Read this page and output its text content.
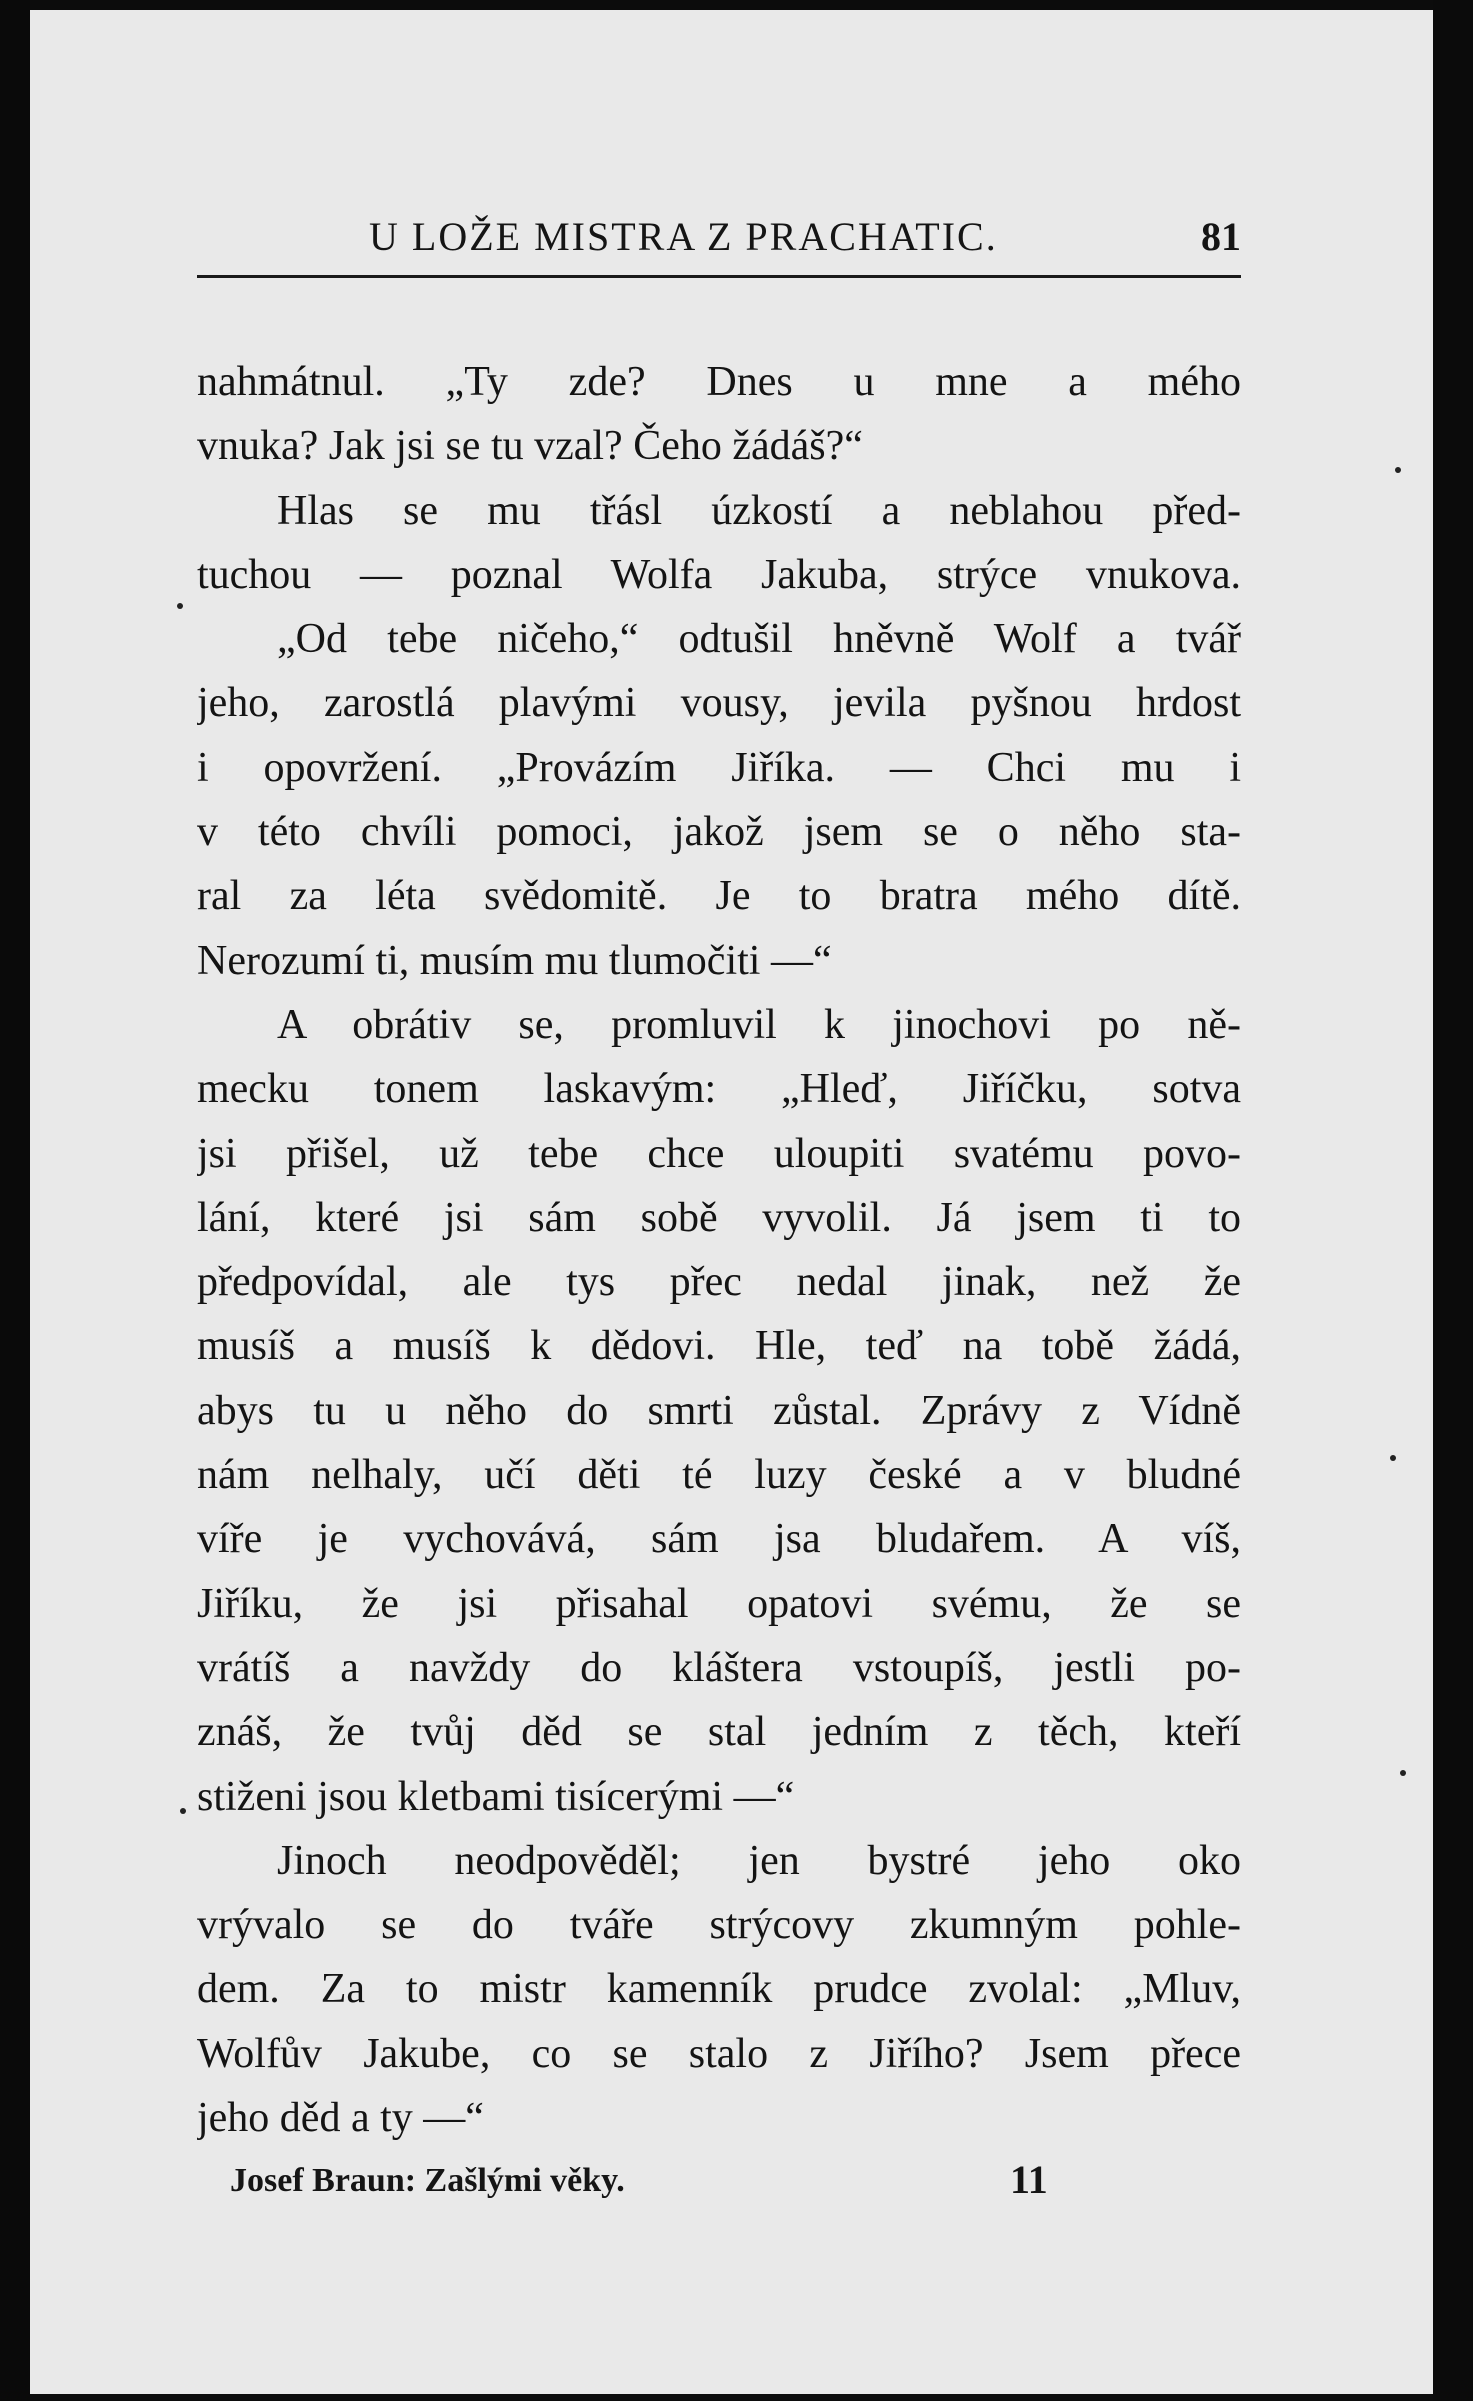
U LOŽE MISTRA Z PRACHATIC.	81
nahmátnul. „Ty zde? Dnes u mne a mého
vnuka? Jak jsi se tu vzal? Čeho žádáš?“
Hlas se mu třásl úzkostí a neblahou před-
tuchou — poznal Wolfa Jakuba, strýce vnukova.
„Od tebe ničeho,“ odtušil hněvně Wolf a tvář
jeho, zarostlá plavými vousy, jevila pyšnou hrdost
i opovržení. „Provázím Jiříka. — Chci mu i
v této chvíli pomoci, jakož jsem se o něho sta-
ral za léta svědomitě. Je to bratra mého dítě.
Nerozumí ti, musím mu tlumočiti —“
A obrátiv se, promluvil k jinochovi po ně-
mecku tonem laskavým: „Hleď, Jiříčku, sotva
jsi přišel, už tebe chce uloupiti svatému povo-
lání, které jsi sám sobě vyvolil. Já jsem ti to
předpovídal, ale tys přec nedal jinak, než že
musíš a musíš k dědovi. Hle, teď na tobě žádá,
abys tu u něho do smrti zůstal. Zprávy z Vídně
nám nelhaly, učí děti té luzy české a v bludné
víře je vychovává, sám jsa bludařem. A víš,
Jiříku, že jsi přisahal opatovi svému, že se
vrátíš a navždy do kláštera vstoupíš, jestli po-
znáš, že tvůj děd se stal jedním z těch, kteří
stiženi jsou kletbami tisícerými —“
Jinoch neodpověděl; jen bystré jeho oko
vrývalo se do tváře strýcovy zkumným pohle-
dem. Za to mistr kamenník prudce zvolal: „Mluv,
Wolfův Jakube, co se stalo z Jiřího? Jsem přece
jeho děd a ty —“
Josef Braun: Zašlými věky.	11
